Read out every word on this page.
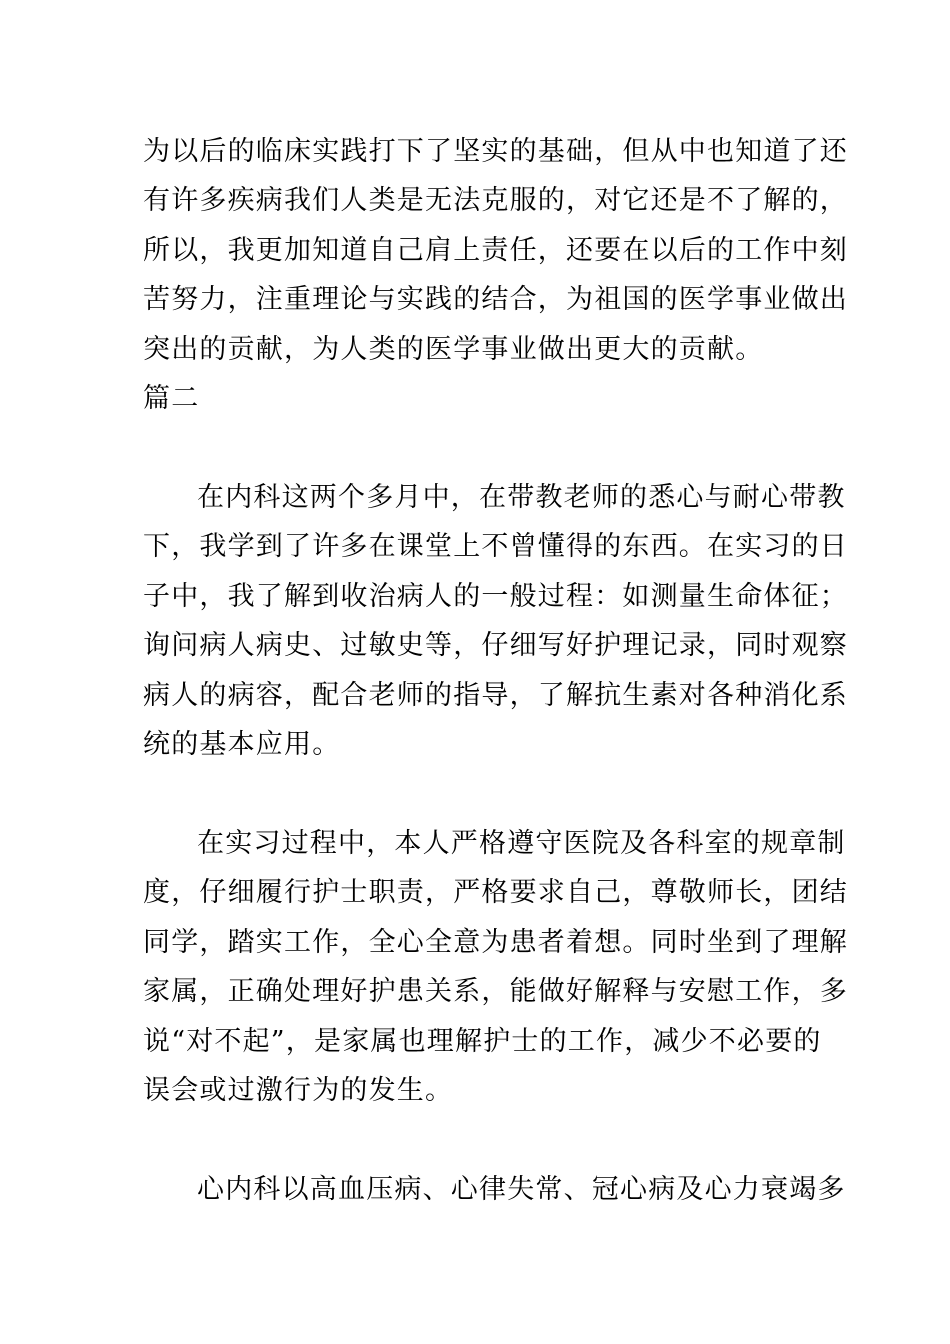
为以后的临床实践打下了坚实的基础，但从中也知道了还
有许多疾病我们人类是无法克服的，对它还是不了解的，
所以，我更加知道自己肩上责任，还要在以后的工作中刻
苦努力，注重理论与实践的结合，为祖国的医学事业做出
突出的贡献，为人类的医学事业做出更大的贡献。
篇二
在内科这两个多月中，在带教老师的悉心与耐心带教
下，我学到了许多在课堂上不曾懂得的东西。在实习的日
子中，我了解到收治病人的一般过程：如测量生命体征；
询问病人病史、过敏史等，仔细写好护理记录，同时观察
病人的病容，配合老师的指导，了解抗生素对各种消化系
统的基本应用。
在实习过程中，本人严格遵守医院及各科室的规章制
度，仔细履行护士职责，严格要求自己，尊敬师长，团结
同学，踏实工作，全心全意为患者着想。同时坐到了理解
家属，正确处理好护患关系，能做好解释与安慰工作，多
说“对不起”，是家属也理解护士的工作，减少不必要的
误会或过激行为的发生。
心内科以高血压病、心律失常、冠心病及心力衰竭多
